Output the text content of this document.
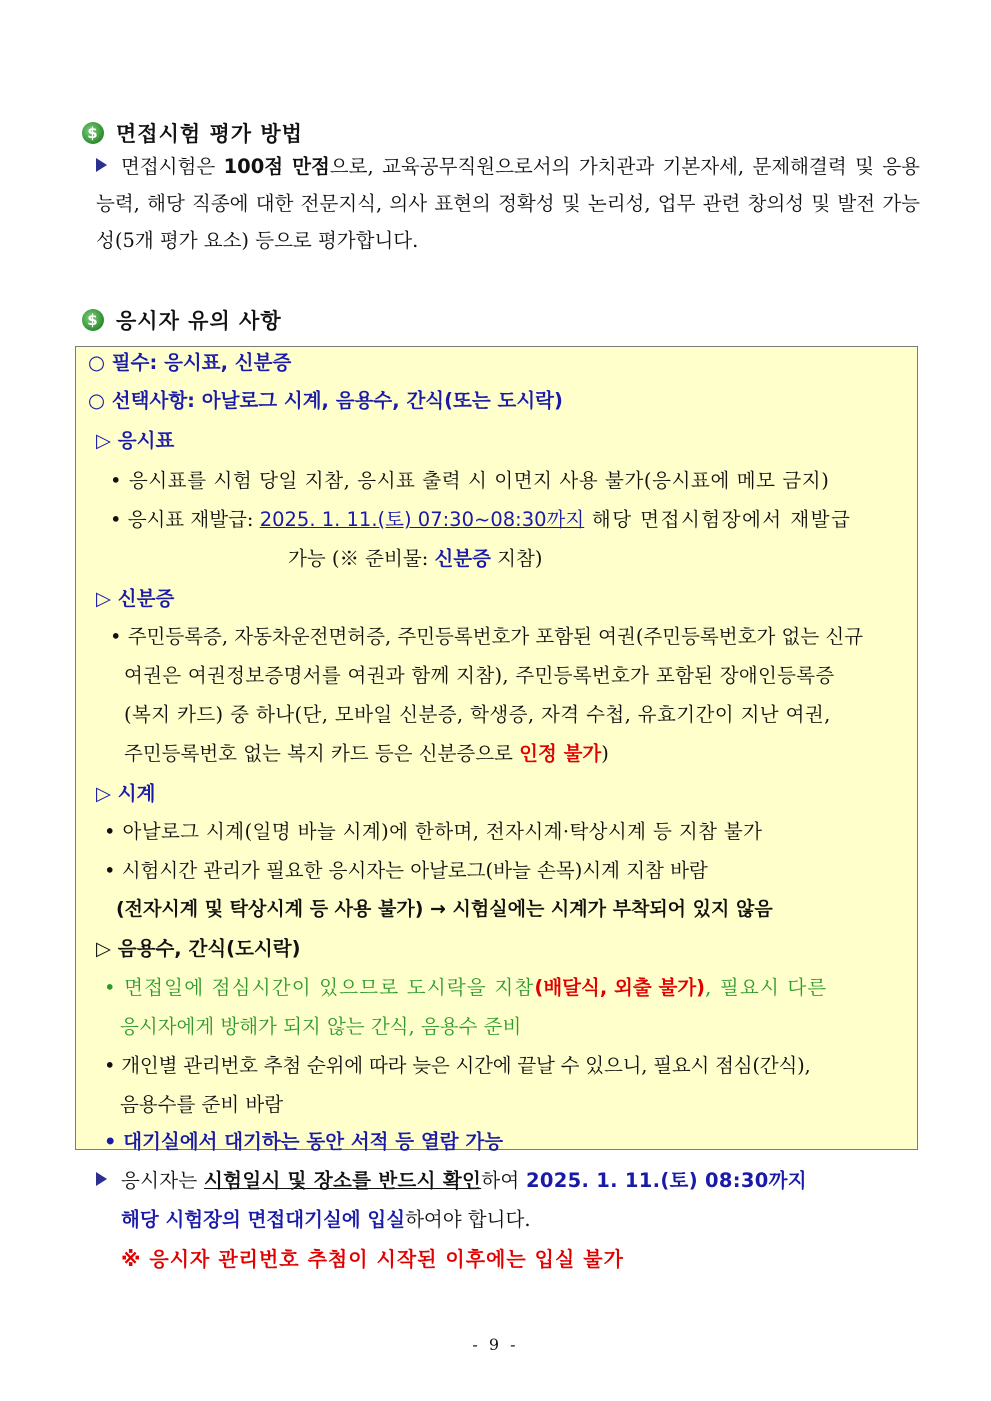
$ 면접시험 평가 방법
면접시험은 100점 만점으로, 교육공무직원으로서의 가치관과 기본자세, 문제해결력 및 응용 능력, 해당 직종에 대한 전문지식, 의사 표현의 정확성 및 논리성, 업무 관련 창의성 및 발전 가능성(5개 평가 요소) 등으로 평가합니다.
$ 응시자 유의 사항
○ 필수: 응시표, 신분증
○ 선택사항: 아날로그 시계, 음용수, 간식(또는 도시락)
▷ 응시표
• 응시표를 시험 당일 지참, 응시표 출력 시 이면지 사용 불가(응시표에 메모 금지)
• 응시표 재발급: 2025. 1. 11.(토) 07:30~08:30까지 해당 면접시험장에서 재발급
가능 (※ 준비물: 신분증 지참)
▷ 신분증
• 주민등록증, 자동차운전면허증, 주민등록번호가 포함된 여권(주민등록번호가 없는 신규
여권은 여권정보증명서를 여권과 함께 지참), 주민등록번호가 포함된 장애인등록증
(복지 카드) 중 하나(단, 모바일 신분증, 학생증, 자격 수첩, 유효기간이 지난 여권,
주민등록번호 없는 복지 카드 등은 신분증으로 인정 불가)
▷ 시계
• 아날로그 시계(일명 바늘 시계)에 한하며, 전자시계·탁상시계 등 지참 불가
• 시험시간 관리가 필요한 응시자는 아날로그(바늘 손목)시계 지참 바람
(전자시계 및 탁상시계 등 사용 불가) → 시험실에는 시계가 부착되어 있지 않음
▷ 음용수, 간식(도시락)
• 면접일에 점심시간이 있으므로 도시락을 지참(배달식, 외출 불가), 필요시 다른
응시자에게 방해가 되지 않는 간식, 음용수 준비
• 개인별 관리번호 추첨 순위에 따라 늦은 시간에 끝날 수 있으니, 필요시 점심(간식),
음용수를 준비 바람
• 대기실에서 대기하는 동안 서적 등 열람 가능
응시자는 시험일시 및 장소를 반드시 확인하여 2025. 1. 11.(토) 08:30까지
해당 시험장의 면접대기실에 입실하여야 합니다.
※ 응시자 관리번호 추첨이 시작된 이후에는 입실 불가
- 9 -
